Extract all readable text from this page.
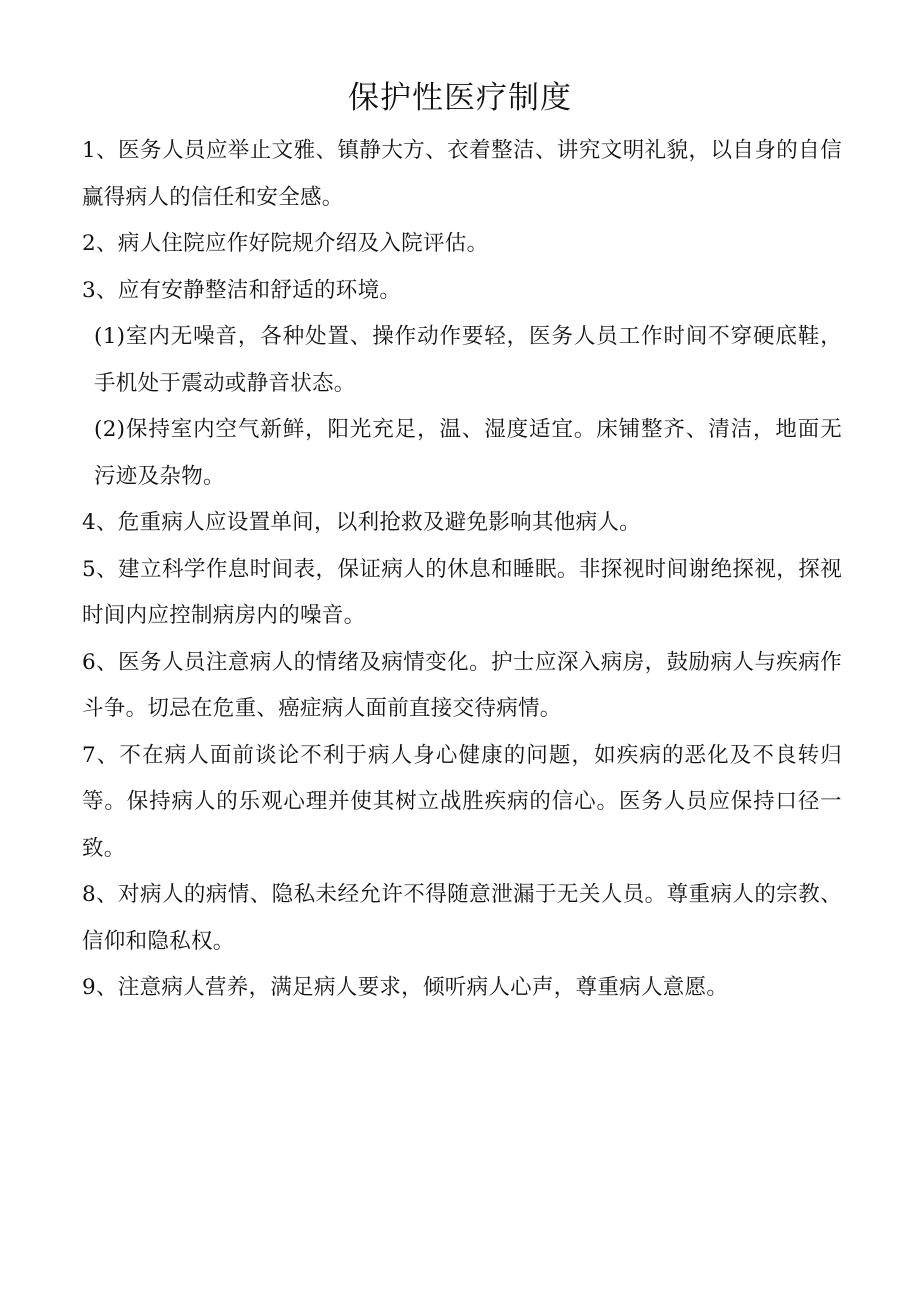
保护性医疗制度

1、医务人员应举止文雅、镇静大方、衣着整洁、讲究文明礼貌，以自身的自信赢得病人的信任和安全感。

2、病人住院应作好院规介绍及入院评估。

3、应有安静整洁和舒适的环境。

(1)室内无噪音，各种处置、操作动作要轻，医务人员工作时间不穿硬底鞋，手机处于震动或静音状态。

(2)保持室内空气新鲜，阳光充足，温、湿度适宜。床铺整齐、清洁，地面无污迹及杂物。

4、危重病人应设置单间，以利抢救及避免影响其他病人。

5、建立科学作息时间表，保证病人的休息和睡眠。非探视时间谢绝探视，探视时间内应控制病房内的噪音。

6、医务人员注意病人的情绪及病情变化。护士应深入病房，鼓励病人与疾病作斗争。切忌在危重、癌症病人面前直接交待病情。

7、不在病人面前谈论不利于病人身心健康的问题，如疾病的恶化及不良转归等。保持病人的乐观心理并使其树立战胜疾病的信心。医务人员应保持口径一致。

8、对病人的病情、隐私未经允许不得随意泄漏于无关人员。尊重病人的宗教、信仰和隐私权。

9、注意病人营养，满足病人要求，倾听病人心声，尊重病人意愿。
